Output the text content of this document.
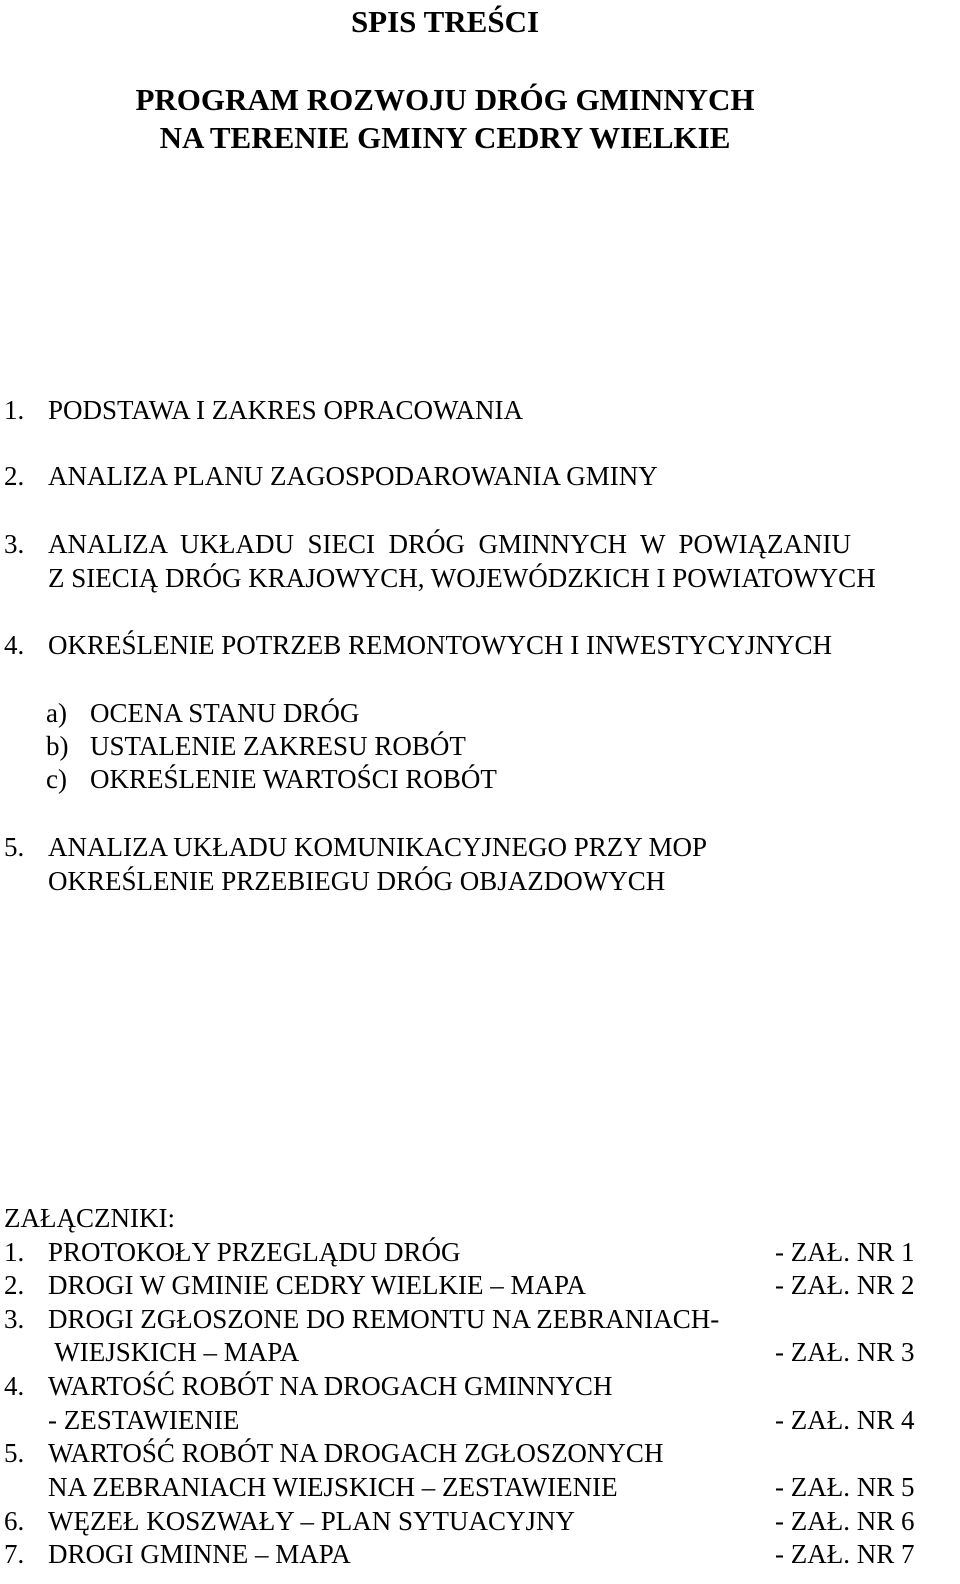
SPIS TREŚCI
PROGRAM ROZWOJU DRÓG GMINNYCH
NA TERENIE GMINY CEDRY WIELKIE
1. PODSTAWA I ZAKRES OPRACOWANIA
2. ANALIZA PLANU ZAGOSPODAROWANIA GMINY
3. ANALIZA  UKŁADU  SIECI  DRÓG  GMINNYCH  W  POWIĄZANIU
Z SIECIĄ DRÓG KRAJOWYCH, WOJEWÓDZKICH I POWIATOWYCH
4. OKREŚLENIE POTRZEB REMONTOWYCH I INWESTYCYJNYCH
a) OCENA STANU DRÓG
b) USTALENIE ZAKRESU ROBÓT
c) OKREŚLENIE WARTOŚCI ROBÓT
5. ANALIZA UKŁADU KOMUNIKACYJNEGO PRZY MOP
OKREŚLENIE PRZEBIEGU DRÓG OBJAZDOWYCH
ZAŁĄCZNIKI:
1. PROTOKOŁY PRZEGLĄDU DRÓG	- ZAŁ. NR 1
2. DROGI W GMINIE CEDRY WIELKIE – MAPA	- ZAŁ. NR 2
3. DROGI ZGŁOSZONE DO REMONTU NA ZEBRANIACH-
WIEJSKICH – MAPA	- ZAŁ. NR 3
4. WARTOŚĆ ROBÓT NA DROGACH GMINNYCH
- ZESTAWIENIE	- ZAŁ. NR 4
5. WARTOŚĆ ROBÓT NA DROGACH ZGŁOSZONYCH
NA ZEBRANIACH WIEJSKICH – ZESTAWIENIE	- ZAŁ. NR 5
6. WĘZEŁ KOSZWAŁY – PLAN SYTUACYJNY	- ZAŁ. NR 6
7. DROGI GMINNE – MAPA	- ZAŁ. NR 7
